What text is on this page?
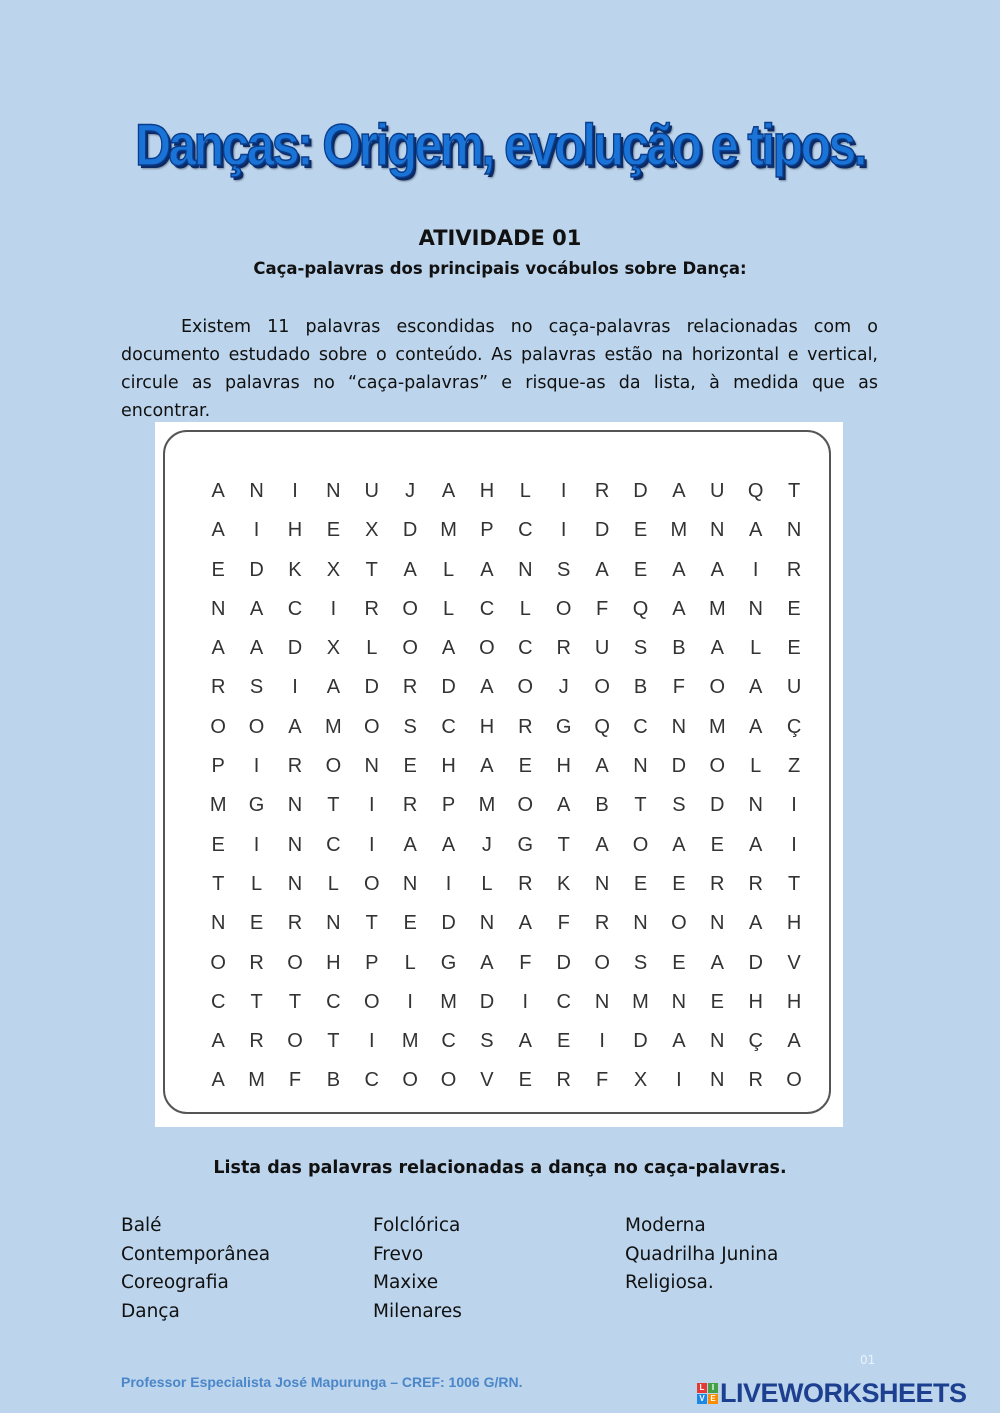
Danças: Origem, evolução e tipos.
ATIVIDADE 01
Caça-palavras dos principais vocábulos sobre Dança:

Existem 11 palavras escondidas no caça-palavras relacionadas com o documento estudado sobre o conteúdo. As palavras estão na horizontal e vertical, circule as palavras no “caça-palavras” e risque-as da lista, à medida que as encontrar.

A	N	I	N	U	J	A	H	L	I	R	D	A	U	Q	T
A	I	H	E	X	D	M	P	C	I	D	E	M	N	A	N
E	D	K	X	T	A	L	A	N	S	A	E	A	A	I	R
N	A	C	I	R	O	L	C	L	O	F	Q	A	M	N	E
A	A	D	X	L	O	A	O	C	R	U	S	B	A	L	E
R	S	I	A	D	R	D	A	O	J	O	B	F	O	A	U
O	O	A	M	O	S	C	H	R	G	Q	C	N	M	A	Ç
P	I	R	O	N	E	H	A	E	H	A	N	D	O	L	Z
M	G	N	T	I	R	P	M	O	A	B	T	S	D	N	I
E	I	N	C	I	A	A	J	G	T	A	O	A	E	A	I
T	L	N	L	O	N	I	L	R	K	N	E	E	R	R	T
N	E	R	N	T	E	D	N	A	F	R	N	O	N	A	H
O	R	O	H	P	L	G	A	F	D	O	S	E	A	D	V
C	T	T	C	O	I	M	D	I	C	N	M	N	E	H	H
A	R	O	T	I	M	C	S	A	E	I	D	A	N	Ç	A
A	M	F	B	C	O	O	V	E	R	F	X	I	N	R	O
Lista das palavras relacionadas a dança no caça-palavras.
Balé
Contemporânea
Coreografia
Dança
Folclórica
Frevo
Maxixe
Milenares
Moderna
Quadrilha Junina
Religiosa.
01
Professor Especialista José Mapurunga – CREF: 1006 G/RN.	L I
V E LIVEWORKSHEETS
